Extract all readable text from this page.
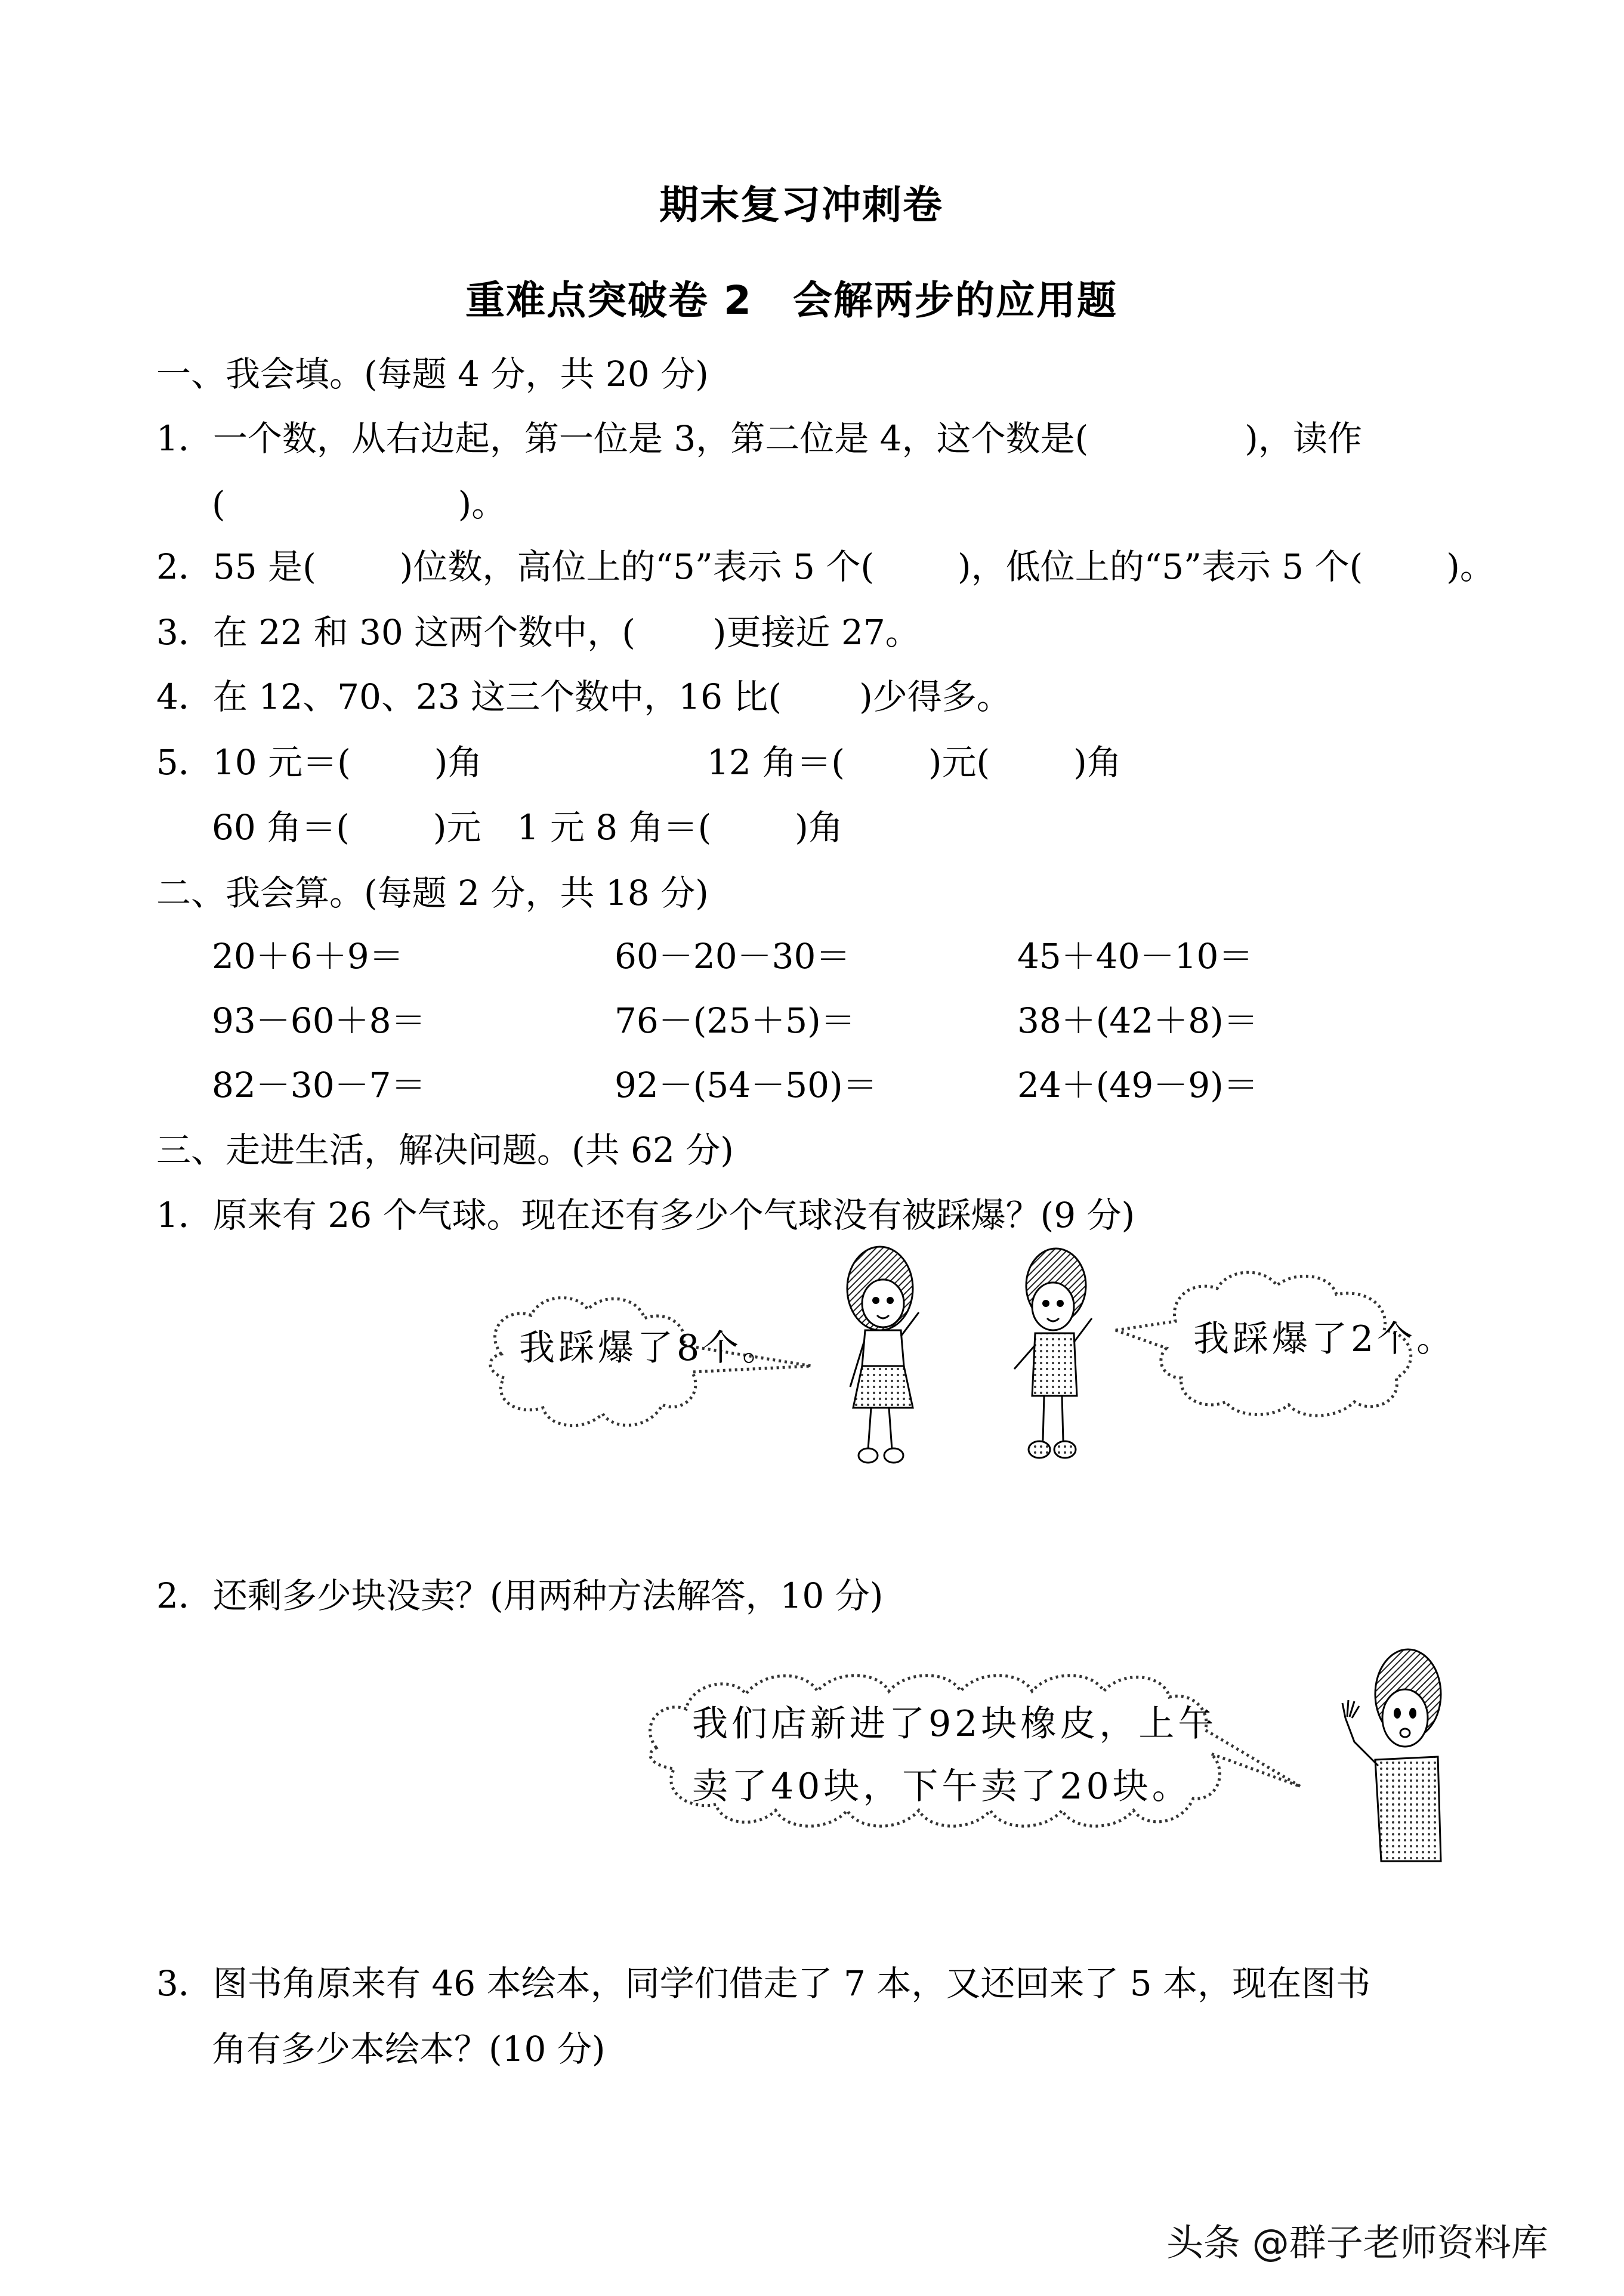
期末复习冲刺卷
重难点突破卷 2　会解两步的应用题
一、我会填。(每题 4 分，共 20 分)
1．一个数，从右边起，第一位是 3，第二位是 4，这个数是(	)，读作
(	)。
2．55 是( )位数，高位上的“5”表示 5 个( )，低位上的“5”表示 5 个( )。
3．在 22 和 30 这两个数中，( )更接近 27。
4．在 12、70、23 这三个数中，16 比( )少得多。
5．10 元＝( )角	12 角＝( )元( )角
60 角＝( )元 1 元 8 角＝( )角
二、我会算。(每题 2 分，共 18 分)
20＋6＋9＝	60－20－30＝	45＋40－10＝
93－60＋8＝	76－(25＋5)＝	38＋(42＋8)＝
82－30－7＝	92－(54－50)＝	24＋(49－9)＝
三、走进生活，解决问题。(共 62 分)
1．原来有 26 个气球。现在还有多少个气球没有被踩爆？(9 分)
我踩爆了8个。	我踩爆了2个。
2．还剩多少块没卖？(用两种方法解答，10 分)
我们店新进了92块橡皮，上午
卖了40块，下午卖了20块。
3．图书角原来有 46 本绘本，同学们借走了 7 本，又还回来了 5 本，现在图书
角有多少本绘本？(10 分)
头条 @群子老师资料库
